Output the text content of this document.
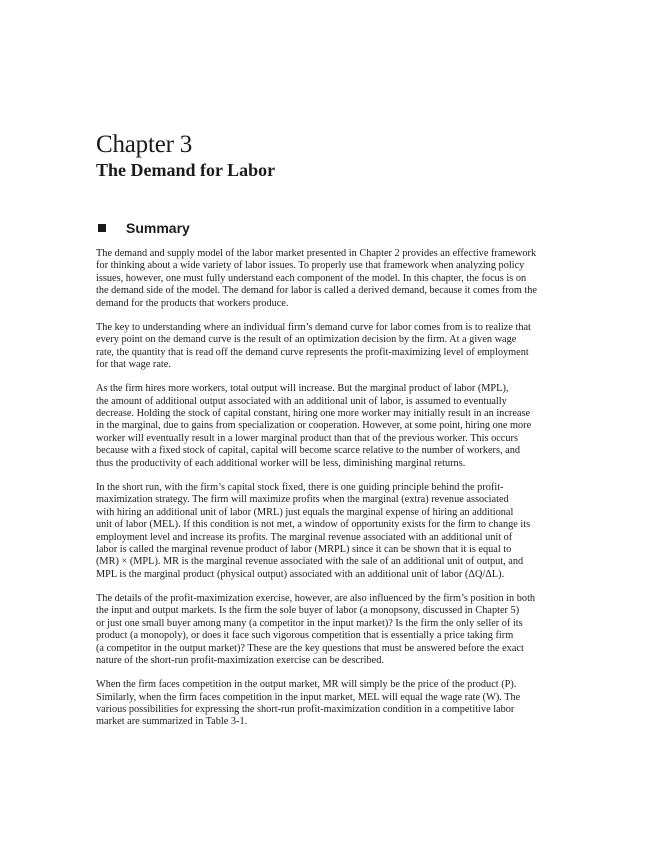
Chapter 3
The Demand for Labor
Summary

The demand and supply model of the labor market presented in Chapter 2 provides an effective framework
for thinking about a wide variety of labor issues. To properly use that framework when analyzing policy
issues, however, one must fully understand each component of the model. In this chapter, the focus is on
the demand side of the model. The demand for labor is called a derived demand, because it comes from the
demand for the products that workers produce.

The key to understanding where an individual firm’s demand curve for labor comes from is to realize that
every point on the demand curve is the result of an optimization decision by the firm. At a given wage
rate, the quantity that is read off the demand curve represents the profit-maximizing level of employment
for that wage rate.

As the firm hires more workers, total output will increase. But the marginal product of labor (MPL),
the amount of additional output associated with an additional unit of labor, is assumed to eventually
decrease. Holding the stock of capital constant, hiring one more worker may initially result in an increase
in the marginal, due to gains from specialization or cooperation. However, at some point, hiring one more
worker will eventually result in a lower marginal product than that of the previous worker. This occurs
because with a fixed stock of capital, capital will become scarce relative to the number of workers, and
thus the productivity of each additional worker will be less, diminishing marginal returns.

In the short run, with the firm’s capital stock fixed, there is one guiding principle behind the profit-
maximization strategy. The firm will maximize profits when the marginal (extra) revenue associated
with hiring an additional unit of labor (MRL) just equals the marginal expense of hiring an additional
unit of labor (MEL). If this condition is not met, a window of opportunity exists for the firm to change its
employment level and increase its profits. The marginal revenue associated with an additional unit of
labor is called the marginal revenue product of labor (MRPL) since it can be shown that it is equal to
(MR) × (MPL). MR is the marginal revenue associated with the sale of an additional unit of output, and
MPL is the marginal product (physical output) associated with an additional unit of labor (ΔQ/ΔL).

The details of the profit-maximization exercise, however, are also influenced by the firm’s position in both
the input and output markets. Is the firm the sole buyer of labor (a monopsony, discussed in Chapter 5)
or just one small buyer among many (a competitor in the input market)? Is the firm the only seller of its
product (a monopoly), or does it face such vigorous competition that is essentially a price taking firm
(a competitor in the output market)? These are the key questions that must be answered before the exact
nature of the short-run profit-maximization exercise can be described.

When the firm faces competition in the output market, MR will simply be the price of the product (P).
Similarly, when the firm faces competition in the input market, MEL will equal the wage rate (W). The
various possibilities for expressing the short-run profit-maximization condition in a competitive labor
market are summarized in Table 3-1.
